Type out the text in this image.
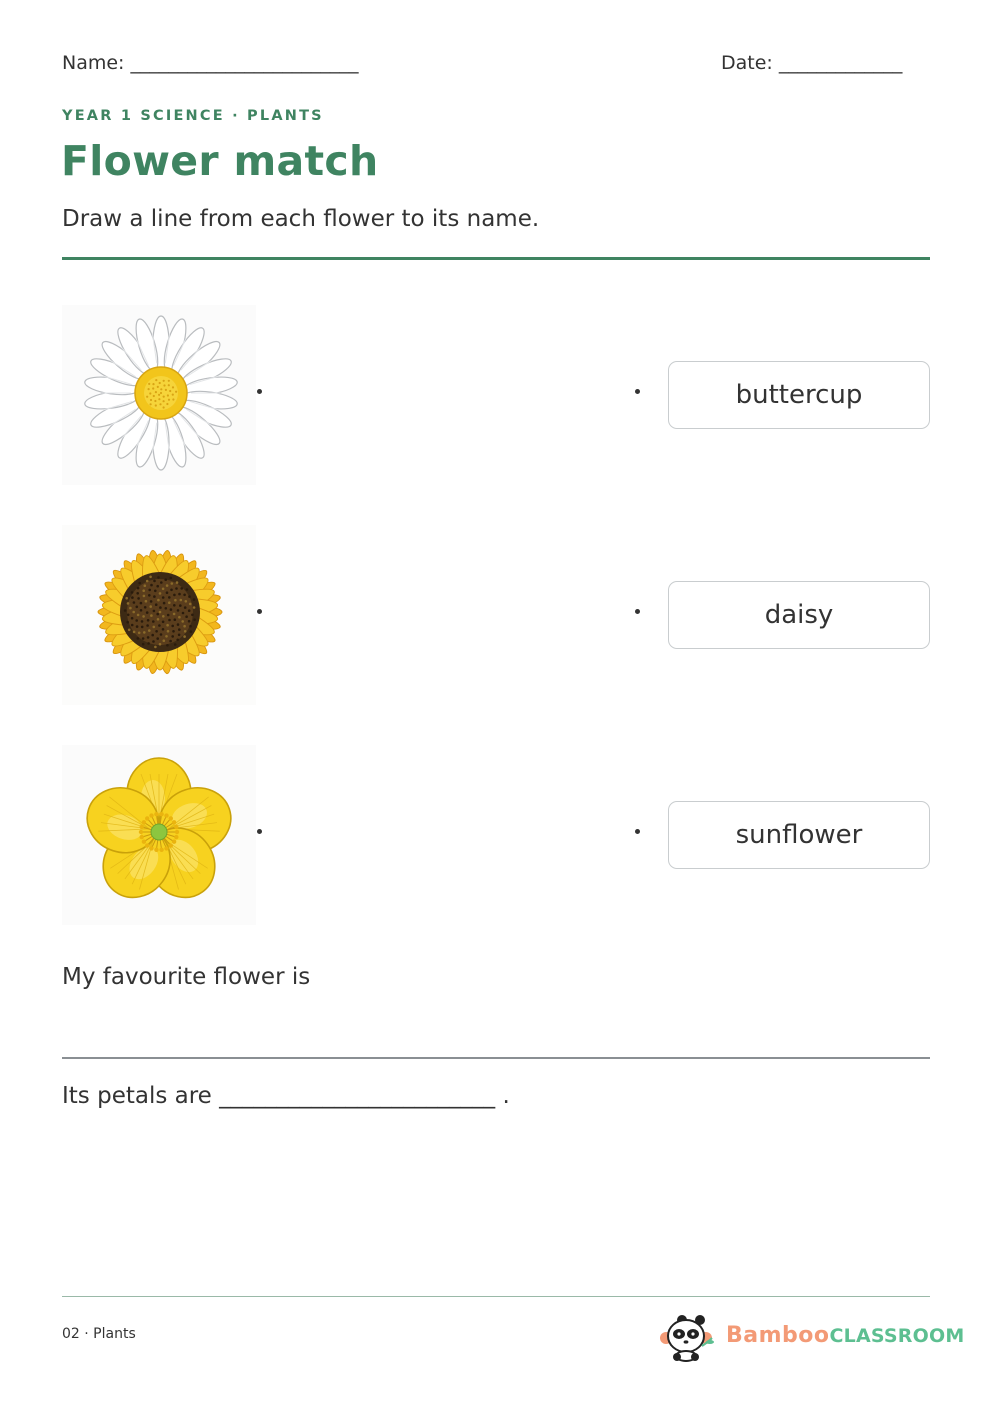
Name: ________________________	Date: _____________
YEAR 1 SCIENCE · PLANTS
Flower match
Draw a line from each flower to its name.
buttercup
daisy
sunflower
My favourite flower is
Its petals are ________________________ .
02 · Plants	BambooCLASSROOM
